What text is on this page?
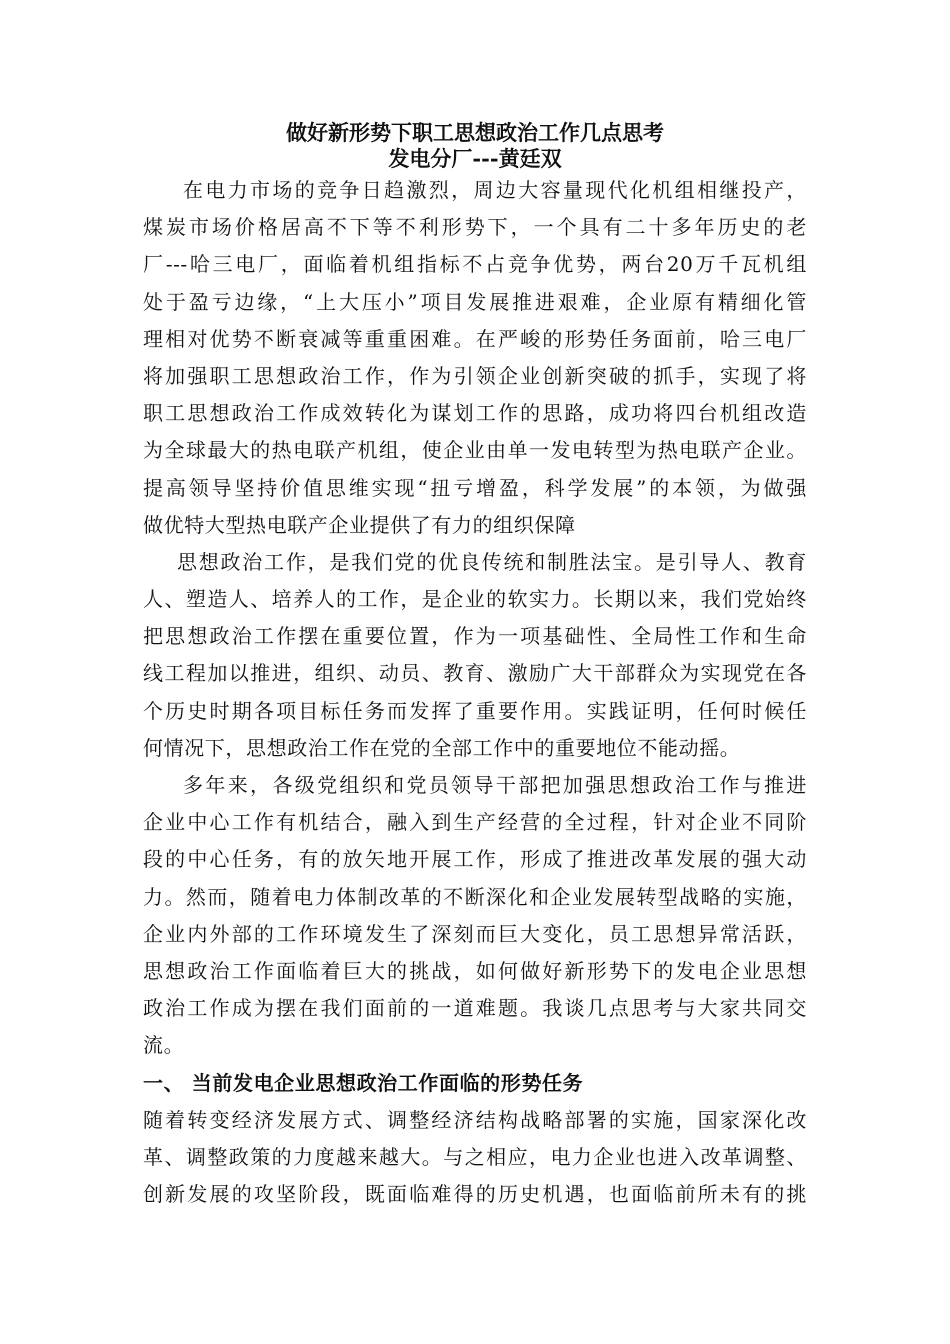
做好新形势下职工思想政治工作几点思考
发电分厂---黄廷双
在电力市场的竞争日趋激烈，周边大容量现代化机组相继投产，
煤炭市场价格居高不下等不利形势下，一个具有二十多年历史的老
厂---哈三电厂，面临着机组指标不占竞争优势，两台20万千瓦机组
处于盈亏边缘，“上大压小”项目发展推进艰难，企业原有精细化管
理相对优势不断衰减等重重困难。在严峻的形势任务面前，哈三电厂
将加强职工思想政治工作，作为引领企业创新突破的抓手，实现了将
职工思想政治工作成效转化为谋划工作的思路，成功将四台机组改造
为全球最大的热电联产机组，使企业由单一发电转型为热电联产企业。
提高领导坚持价值思维实现“扭亏增盈，科学发展”的本领，为做强
做优特大型热电联产企业提供了有力的组织保障
思想政治工作，是我们党的优良传统和制胜法宝。是引导人、教育
人、塑造人、培养人的工作，是企业的软实力。长期以来，我们党始终
把思想政治工作摆在重要位置，作为一项基础性、全局性工作和生命
线工程加以推进，组织、动员、教育、激励广大干部群众为实现党在各
个历史时期各项目标任务而发挥了重要作用。实践证明，任何时候任
何情况下，思想政治工作在党的全部工作中的重要地位不能动摇。
多年来，各级党组织和党员领导干部把加强思想政治工作与推进
企业中心工作有机结合，融入到生产经营的全过程，针对企业不同阶
段的中心任务，有的放矢地开展工作，形成了推进改革发展的强大动
力。然而，随着电力体制改革的不断深化和企业发展转型战略的实施，
企业内外部的工作环境发生了深刻而巨大变化，员工思想异常活跃，
思想政治工作面临着巨大的挑战，如何做好新形势下的发电企业思想
政治工作成为摆在我们面前的一道难题。我谈几点思考与大家共同交
流。
一、 当前发电企业思想政治工作面临的形势任务
随着转变经济发展方式、调整经济结构战略部署的实施，国家深化改
革、调整政策的力度越来越大。与之相应，电力企业也进入改革调整、
创新发展的攻坚阶段，既面临难得的历史机遇，也面临前所未有的挑
